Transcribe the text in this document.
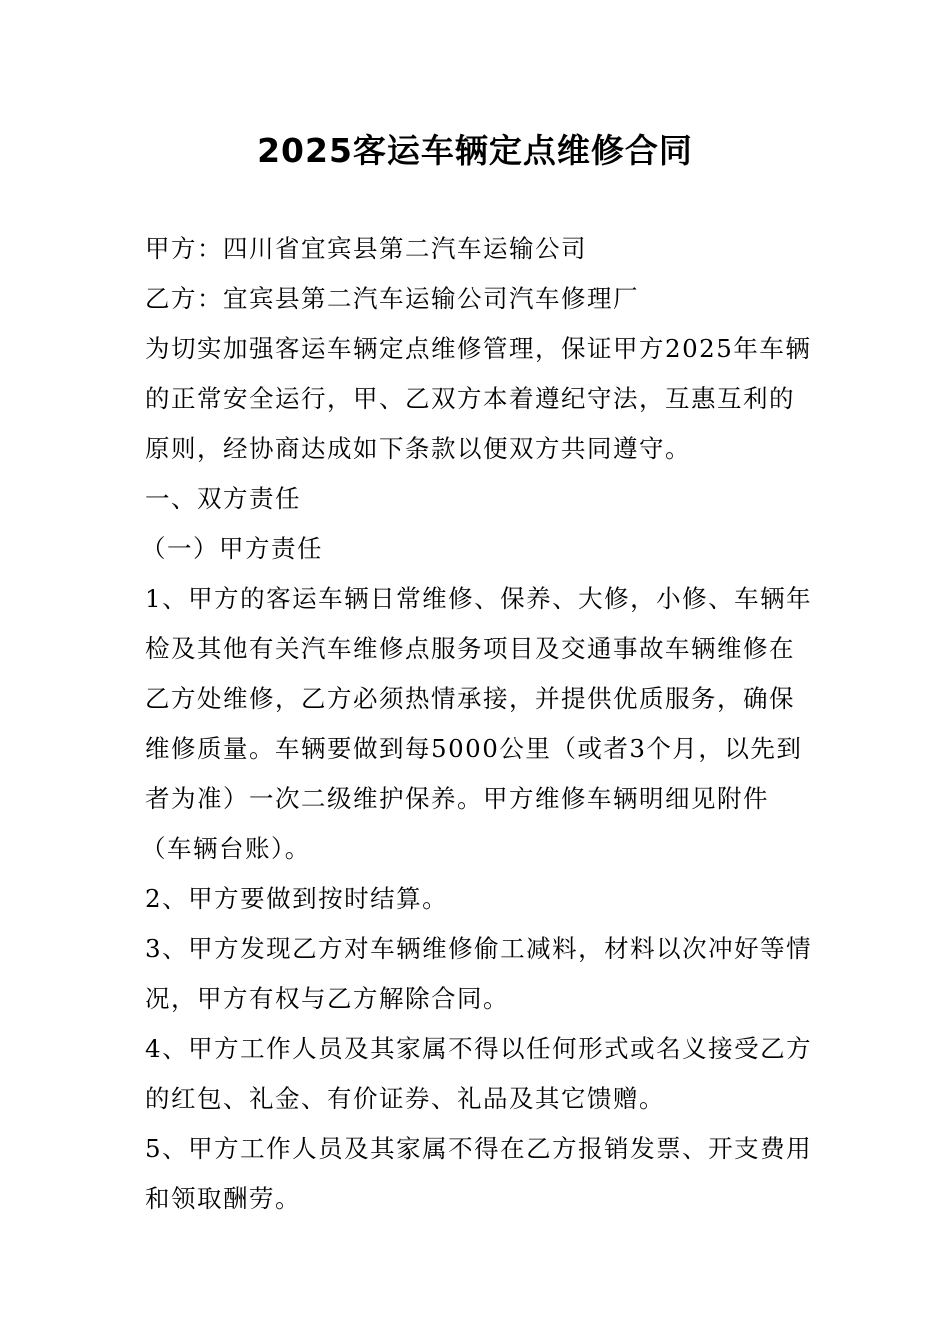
2025客运车辆定点维修合同
甲方：四川省宜宾县第二汽车运输公司
乙方：宜宾县第二汽车运输公司汽车修理厂
为切实加强客运车辆定点维修管理，保证甲方2025年车辆
的正常安全运行，甲、乙双方本着遵纪守法，互惠互利的
原则，经协商达成如下条款以便双方共同遵守。
一、双方责任
（一）甲方责任
1、甲方的客运车辆日常维修、保养、大修，小修、车辆年
检及其他有关汽车维修点服务项目及交通事故车辆维修在
乙方处维修，乙方必须热情承接，并提供优质服务，确保
维修质量。车辆要做到每5000公里（或者3个月，以先到
者为准）一次二级维护保养。甲方维修车辆明细见附件
（车辆台账）。
2、甲方要做到按时结算。
3、甲方发现乙方对车辆维修偷工减料，材料以次冲好等情
况，甲方有权与乙方解除合同。
4、甲方工作人员及其家属不得以任何形式或名义接受乙方
的红包、礼金、有价证券、礼品及其它馈赠。
5、甲方工作人员及其家属不得在乙方报销发票、开支费用
和领取酬劳。
